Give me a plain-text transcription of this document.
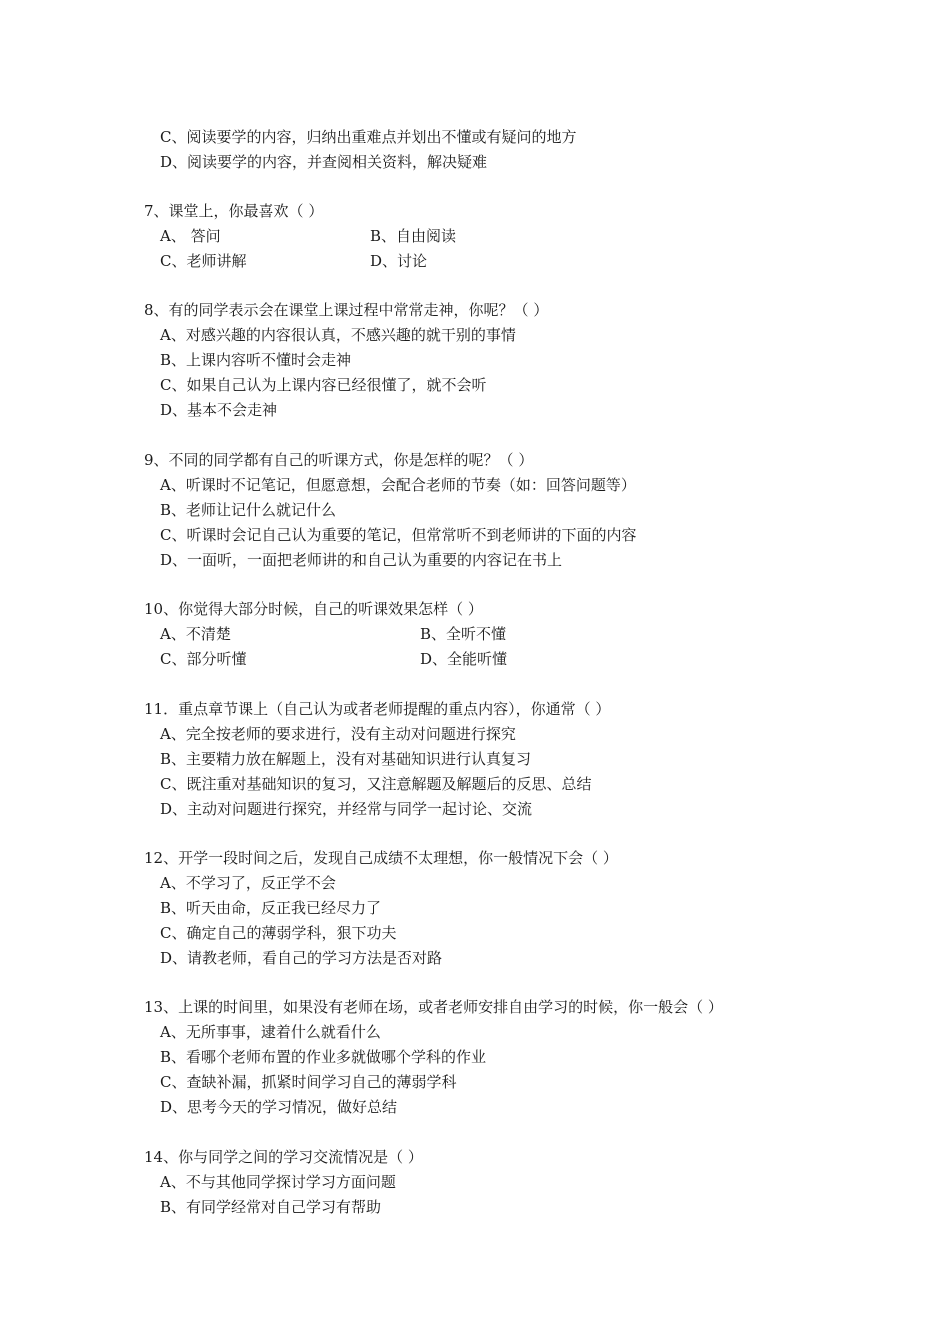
C、阅读要学的内容，归纳出重难点并划出不懂或有疑问的地方
D、阅读要学的内容，并查阅相关资料，解决疑难
7、课堂上，你最喜欢（ ）
A、 答问	B、自由阅读
C、老师讲解	D、讨论
8、有的同学表示会在课堂上课过程中常常走神，你呢？（ ）
A、对感兴趣的内容很认真，不感兴趣的就干别的事情
B、上课内容听不懂时会走神
C、如果自己认为上课内容已经很懂了，就不会听
D、基本不会走神
9、不同的同学都有自己的听课方式，你是怎样的呢？（ ）
A、听课时不记笔记，但愿意想，会配合老师的节奏（如：回答问题等）
B、老师让记什么就记什么
C、听课时会记自己认为重要的笔记，但常常听不到老师讲的下面的内容
D、一面听，一面把老师讲的和自己认为重要的内容记在书上
10、你觉得大部分时候，自己的听课效果怎样（ ）
A、不清楚	B、全听不懂
C、部分听懂	D、全能听懂
11．重点章节课上（自己认为或者老师提醒的重点内容），你通常（ ）
A、完全按老师的要求进行，没有主动对问题进行探究
B、主要精力放在解题上，没有对基础知识进行认真复习
C、既注重对基础知识的复习，又注意解题及解题后的反思、总结
D、主动对问题进行探究，并经常与同学一起讨论、交流
12、开学一段时间之后，发现自己成绩不太理想，你一般情况下会（ ）
A、不学习了，反正学不会
B、听天由命，反正我已经尽力了
C、确定自己的薄弱学科，狠下功夫
D、请教老师，看自己的学习方法是否对路
13、上课的时间里，如果没有老师在场，或者老师安排自由学习的时候，你一般会（ ）
A、无所事事，逮着什么就看什么
B、看哪个老师布置的作业多就做哪个学科的作业
C、查缺补漏，抓紧时间学习自己的薄弱学科
D、思考今天的学习情况，做好总结
14、你与同学之间的学习交流情况是（ ）
A、不与其他同学探讨学习方面问题
B、有同学经常对自己学习有帮助
